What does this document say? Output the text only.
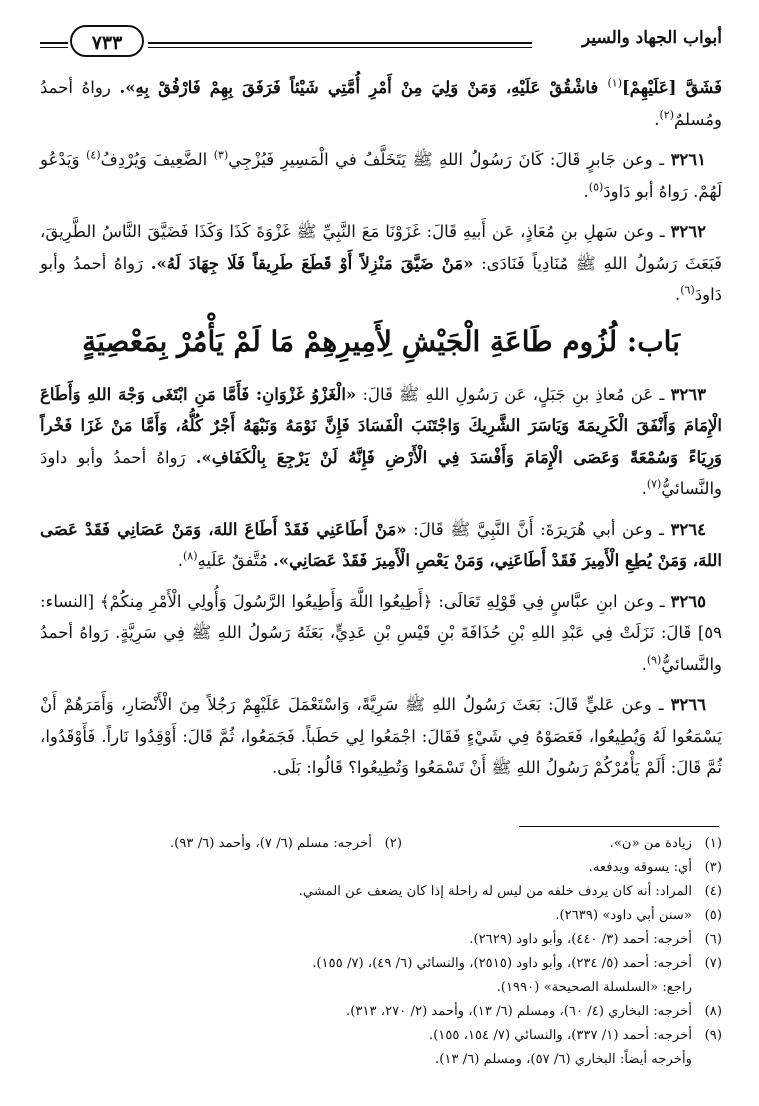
أبواب الجهاد والسير
٧٣٣

فَشَقَّ [عَلَيْهِمْ]$^{(١)}$ فاشْقُقْ عَلَيْهِ، وَمَنْ وَلِيَ مِنْ أَمْرِ أُمَّتِي شَيْئاً فَرَفَقَ بِهِمْ فَارْفُقْ بِهِ». رواهُ أحمدُ ومُسلمٌ$^{(٢)}$.

٣٢٦١ ـ وعن جَابرٍ قَالَ: كَانَ رَسُولُ اللهِ ﷺ يَتَخَلَّفُ في الْمَسِيرِ فَيُزْجِي$^{(٣)}$ الضَّعِيفَ وَيُرْدِفُ$^{(٤)}$ وَيَدْعُو لَهُمْ. رَواهُ أبو دَاودَ$^{(٥)}$.

٣٢٦٢ ـ وعن سَهلِ بنِ مُعَاذٍ، عَن أَبيهِ قَالَ: غَزَوْنَا مَعَ النَّبِيِّ ﷺ غَزْوَةَ كَذَا وَكَذَا فَضَيَّقَ النَّاسُ الطَّرِيقَ، فَبَعَثَ رَسُولُ اللهِ ﷺ مُنَادِياً فَنَادَى: «مَنْ ضَيَّقَ مَنْزِلاً أَوْ قَطَعَ طَرِيقاً فَلَا جِهَادَ لَهُ». رَواهُ أحمدُ وأبو دَاودَ$^{(٦)}$.

بَاب: لُزُوم طَاعَةِ الْجَيْشِ لِأَمِيرِهِمْ مَا لَمْ يَأْمُرْ بِمَعْصِيَةٍ

٣٢٦٣ ـ عَن مُعاذِ بنِ جَبَلٍ، عَن رَسُولِ اللهِ ﷺ قَالَ: «الْغَزْوُ غَزْوَانِ: فَأَمَّا مَنِ ابْتَغَى وَجْهَ اللهِ وَأَطَاعَ الْإِمَامَ وَأَنْفَقَ الْكَرِيمَةَ وَيَاسَرَ الشَّرِيكَ وَاجْتَنَبَ الْفَسَادَ فَإِنَّ نَوْمَهُ وَنَبْهَهُ أَجْرٌ كُلُّهُ، وَأَمَّا مَنْ غَزَا فَخْراً وَرِيَاءً وَسُمْعَةً وَعَصَى الْإِمَامَ وَأَفْسَدَ فِي الْأَرْضِ فَإِنَّهُ لَنْ يَرْجِعَ بِالْكَفَافِ». رَواهُ أحمدُ وأبو داودَ والنَّسائيُّ$^{(٧)}$.

٣٢٦٤ ـ وعن أبي هُرَيرَةَ: أَنَّ النَّبِيَّ ﷺ قَالَ: «مَنْ أَطَاعَنِي فَقَدْ أَطَاعَ اللهَ، وَمَنْ عَصَانِي فَقَدْ عَصَى اللهَ، وَمَنْ يُطِعِ الْأَمِيرَ فَقَدْ أَطَاعَنِي، وَمَنْ يَعْصِ الْأَمِيرَ فَقَدْ عَصَانِي». مُتَّفقٌ عَلَيهِ$^{(٨)}$.

٣٢٦٥ ـ وعن ابنِ عبَّاسٍ فِي قَوْلِهِ تَعَالَى: ﴿أَطِيعُوا اللَّهَ وَأَطِيعُوا الرَّسُولَ وَأُولِي الْأَمْرِ مِنكُمْ﴾ [النساء: ٥٩] قَالَ: نَزَلَتْ فِي عَبْدِ اللهِ بْنِ حُذَافَةَ بْنِ قَيْسِ بْنِ عَدِيٍّ، بَعَثَهُ رَسُولُ اللهِ ﷺ فِي سَرِيَّةٍ. رَواهُ أحمدُ والنَّسائيُّ$^{(٩)}$.

٣٢٦٦ ـ وعن عَليٍّ قَالَ: بَعَثَ رَسُولُ اللهِ ﷺ سَرِيَّةً، وَاسْتَعْمَلَ عَلَيْهِمْ رَجُلاً مِنَ الْأَنْصَارِ، وَأَمَرَهُمْ أَنْ يَسْمَعُوا لَهُ وَيُطِيعُوا، فَعَصَوْهُ فِي شَيْءٍ فَقَالَ: اجْمَعُوا لِي حَطَباً. فَجَمَعُوا، ثُمَّ قَالَ: أَوْقِدُوا نَاراً. فَأَوْقَدُوا، ثُمَّ قَالَ: أَلَمْ يَأْمُرْكُمْ رَسُولُ اللهِ ﷺ أَنْ تَسْمَعُوا وَتُطِيعُوا؟ قَالُوا: بَلَى.

(١)
زيادة من «ن».
(٢)
أخرجه: مسلم (٦/ ٧)، وأحمد (٦/ ٩٣).
(٣)
أي: يسوقه ويدفعه.
(٤)
المراد: أنه كان يردف خلفه من ليس له راحلة إذا كان يضعف عن المشي.
(٥)
«سنن أبي داود» (٢٦٣٩).
(٦)
أخرجه: أحمد (٣/ ٤٤٠)، وأبو داود (٢٦٢٩).
(٧)
أخرجه: أحمد (٥/ ٢٣٤)، وأبو داود (٢٥١٥)، والنسائي (٦/ ٤٩)، (٧/ ١٥٥).
راجع: «السلسلة الصحيحة» (١٩٩٠).
(٨)
أخرجه: البخاري (٤/ ٦٠)، ومسلم (٦/ ١٣)، وأحمد (٢/ ٢٧٠، ٣١٣).
(٩)
أخرجه: أحمد (١/ ٣٣٧)، والنسائي (٧/ ١٥٤، ١٥٥).
وأخرجه أيضاً: البخاري (٦/ ٥٧)، ومسلم (٦/ ١٣).
